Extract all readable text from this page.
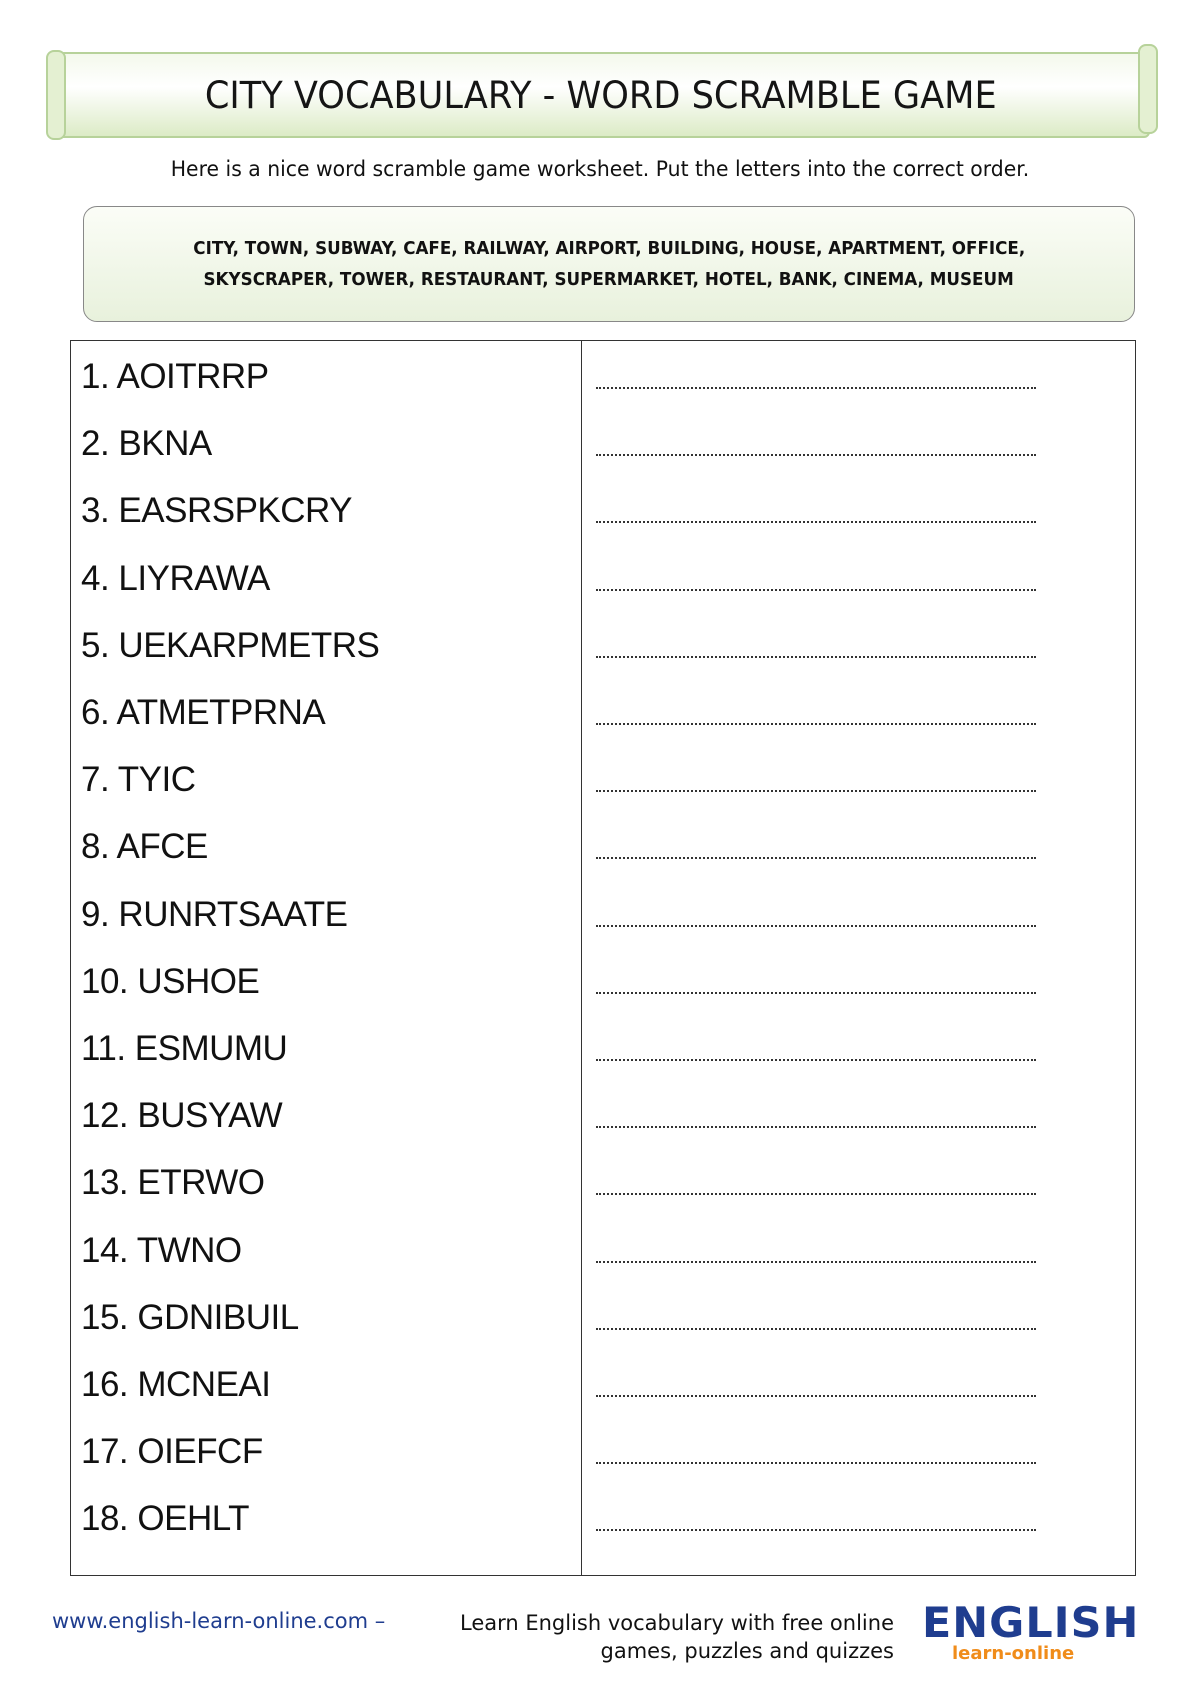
CITY VOCABULARY - WORD SCRAMBLE GAME
Here is a nice word scramble game worksheet. Put the letters into the correct order.
CITY, TOWN, SUBWAY, CAFE, RAILWAY, AIRPORT, BUILDING, HOUSE, APARTMENT, OFFICE,
SKYSCRAPER, TOWER, RESTAURANT, SUPERMARKET, HOTEL, BANK, CINEMA, MUSEUM
1. AOITRRP
2. BKNA
3. EASRSPKCRY
4. LIYRAWA
5. UEKARPMETRS
6. ATMETPRNA
7. TYIC
8. AFCE
9. RUNRTSAATE
10. USHOE
11. ESMUMU
12. BUSYAW
13. ETRWO
14. TWNO
15. GDNIBUIL
16. MCNEAI
17. OIEFCF
18. OEHLT
www.english-learn-online.com –	Learn English vocabulary with free online
games, puzzles and quizzes
ENGLISH
learn-online
